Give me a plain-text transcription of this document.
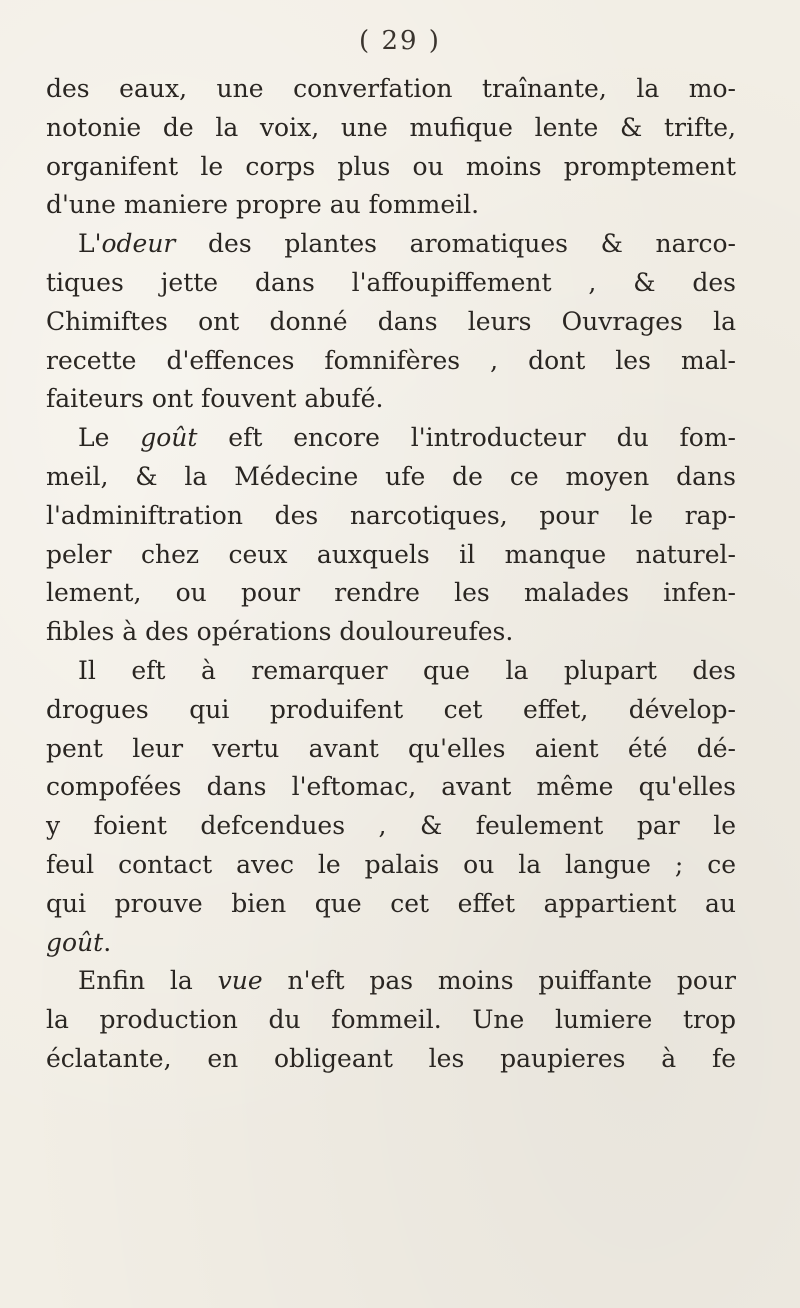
( 29 )
des eaux, une converfation traînante, la mo-
notonie de la voix, une mufique lente & trifte,
organifent le corps plus ou moins promptement
d'une maniere propre au fommeil.
L'odeur des plantes aromatiques & narco-
tiques jette dans l'affoupiffement , & des
Chimiftes ont donné dans leurs Ouvrages la
recette d'effences fomnifères , dont les mal-
faiteurs ont fouvent abufé.
Le goût eft encore l'introducteur du fom-
meil, & la Médecine ufe de ce moyen dans
l'adminiftration des narcotiques, pour le rap-
peler chez ceux auxquels il manque naturel-
lement, ou pour rendre les malades infen-
fibles à des opérations douloureufes.
Il eft à remarquer que la plupart des
drogues qui produifent cet effet, dévelop-
pent leur vertu avant qu'elles aient été dé-
compofées dans l'eftomac, avant même qu'elles
y foient defcendues , & feulement par le
feul contact avec le palais ou la langue ; ce
qui prouve bien que cet effet appartient au
goût.
Enfin la vue n'eft pas moins puiffante pour
la production du fommeil. Une lumiere trop
éclatante, en obligeant les paupieres à fe
